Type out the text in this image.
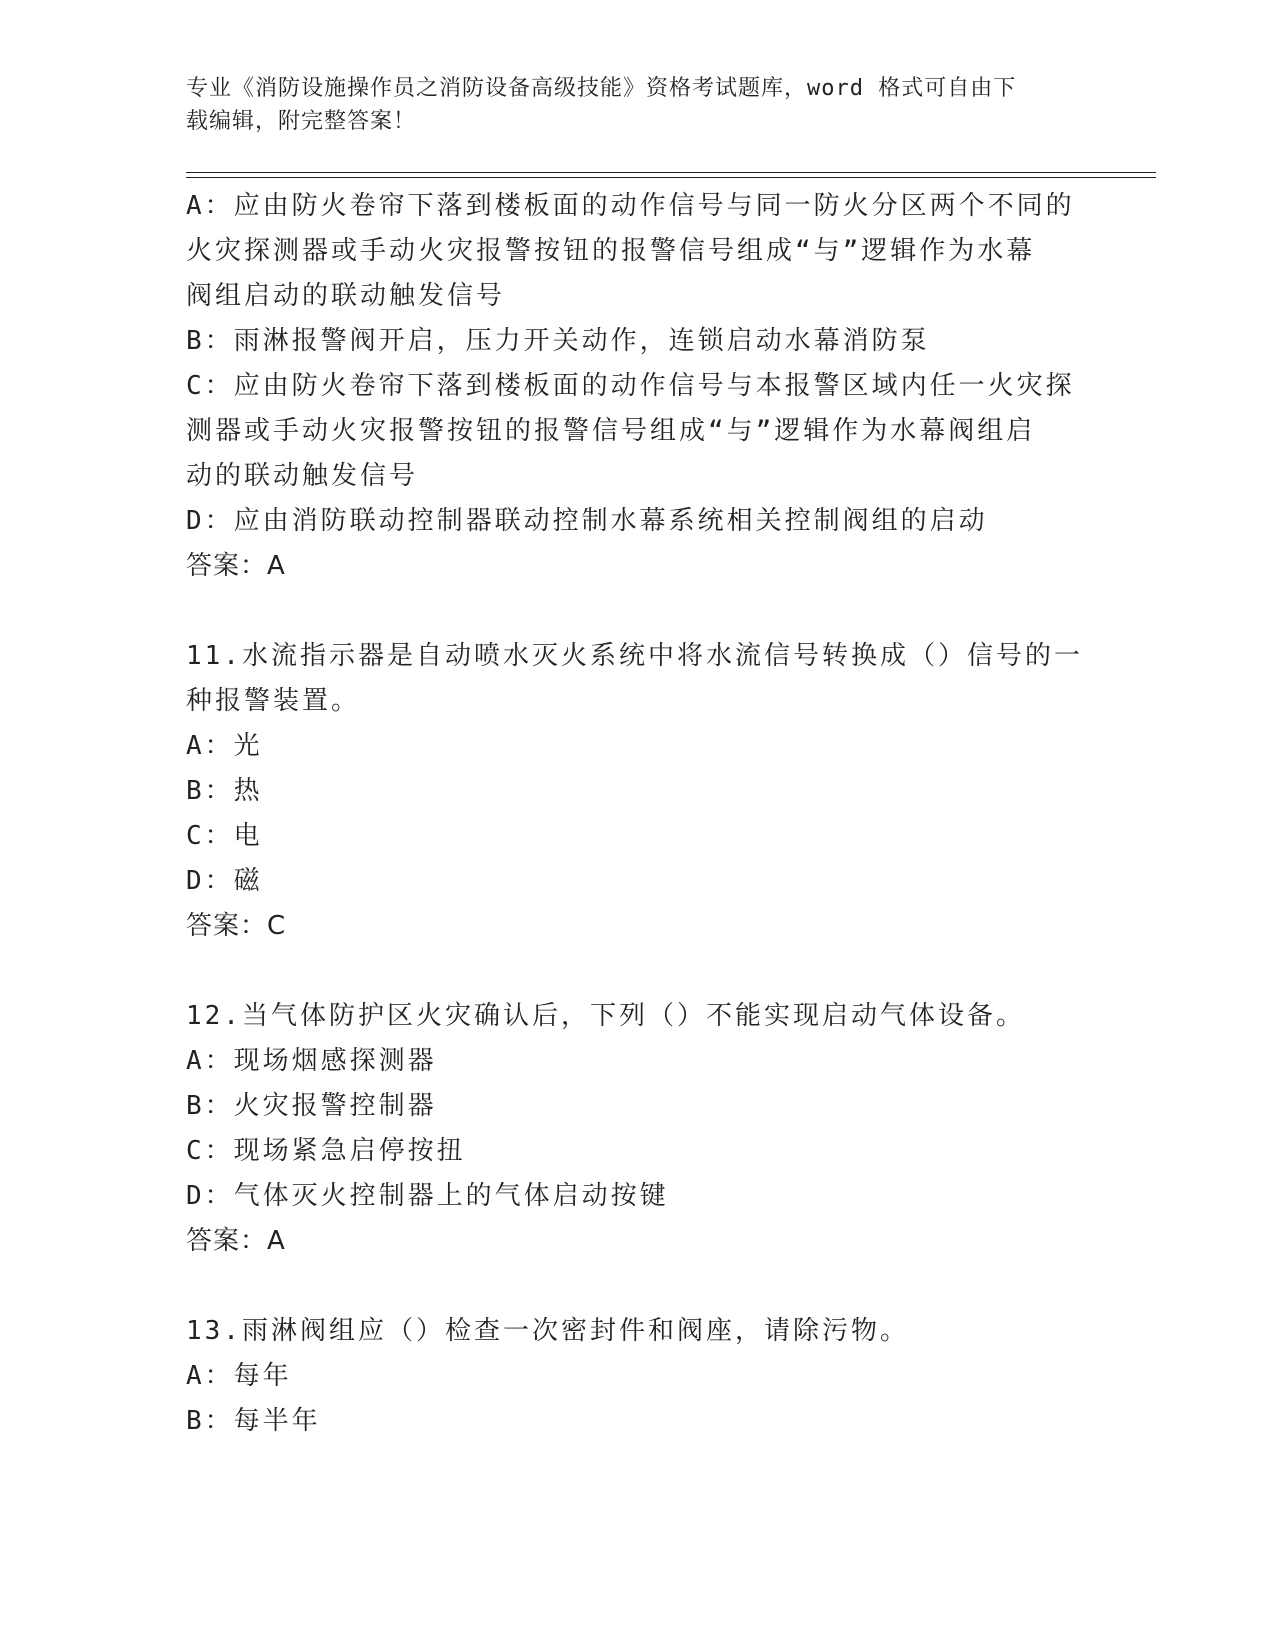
专业《消防设施操作员之消防设备高级技能》资格考试题库，word 格式可自由下
载编辑，附完整答案！
A：应由防火卷帘下落到楼板面的动作信号与同一防火分区两个不同的
火灾探测器或手动火灾报警按钮的报警信号组成“与”逻辑作为水幕
阀组启动的联动触发信号
B：雨淋报警阀开启，压力开关动作，连锁启动水幕消防泵
C：应由防火卷帘下落到楼板面的动作信号与本报警区域内任一火灾探
测器或手动火灾报警按钮的报警信号组成“与”逻辑作为水幕阀组启
动的联动触发信号
D：应由消防联动控制器联动控制水幕系统相关控制阀组的启动
答案：A
11.水流指示器是自动喷水灭火系统中将水流信号转换成（）信号的一
种报警装置。
A：光
B：热
C：电
D：磁
答案：C
12.当气体防护区火灾确认后，下列（）不能实现启动气体设备。
A：现场烟感探测器
B：火灾报警控制器
C：现场紧急启停按扭
D：气体灭火控制器上的气体启动按键
答案：A
13.雨淋阀组应（）检查一次密封件和阀座，请除污物。
A：每年
B：每半年
